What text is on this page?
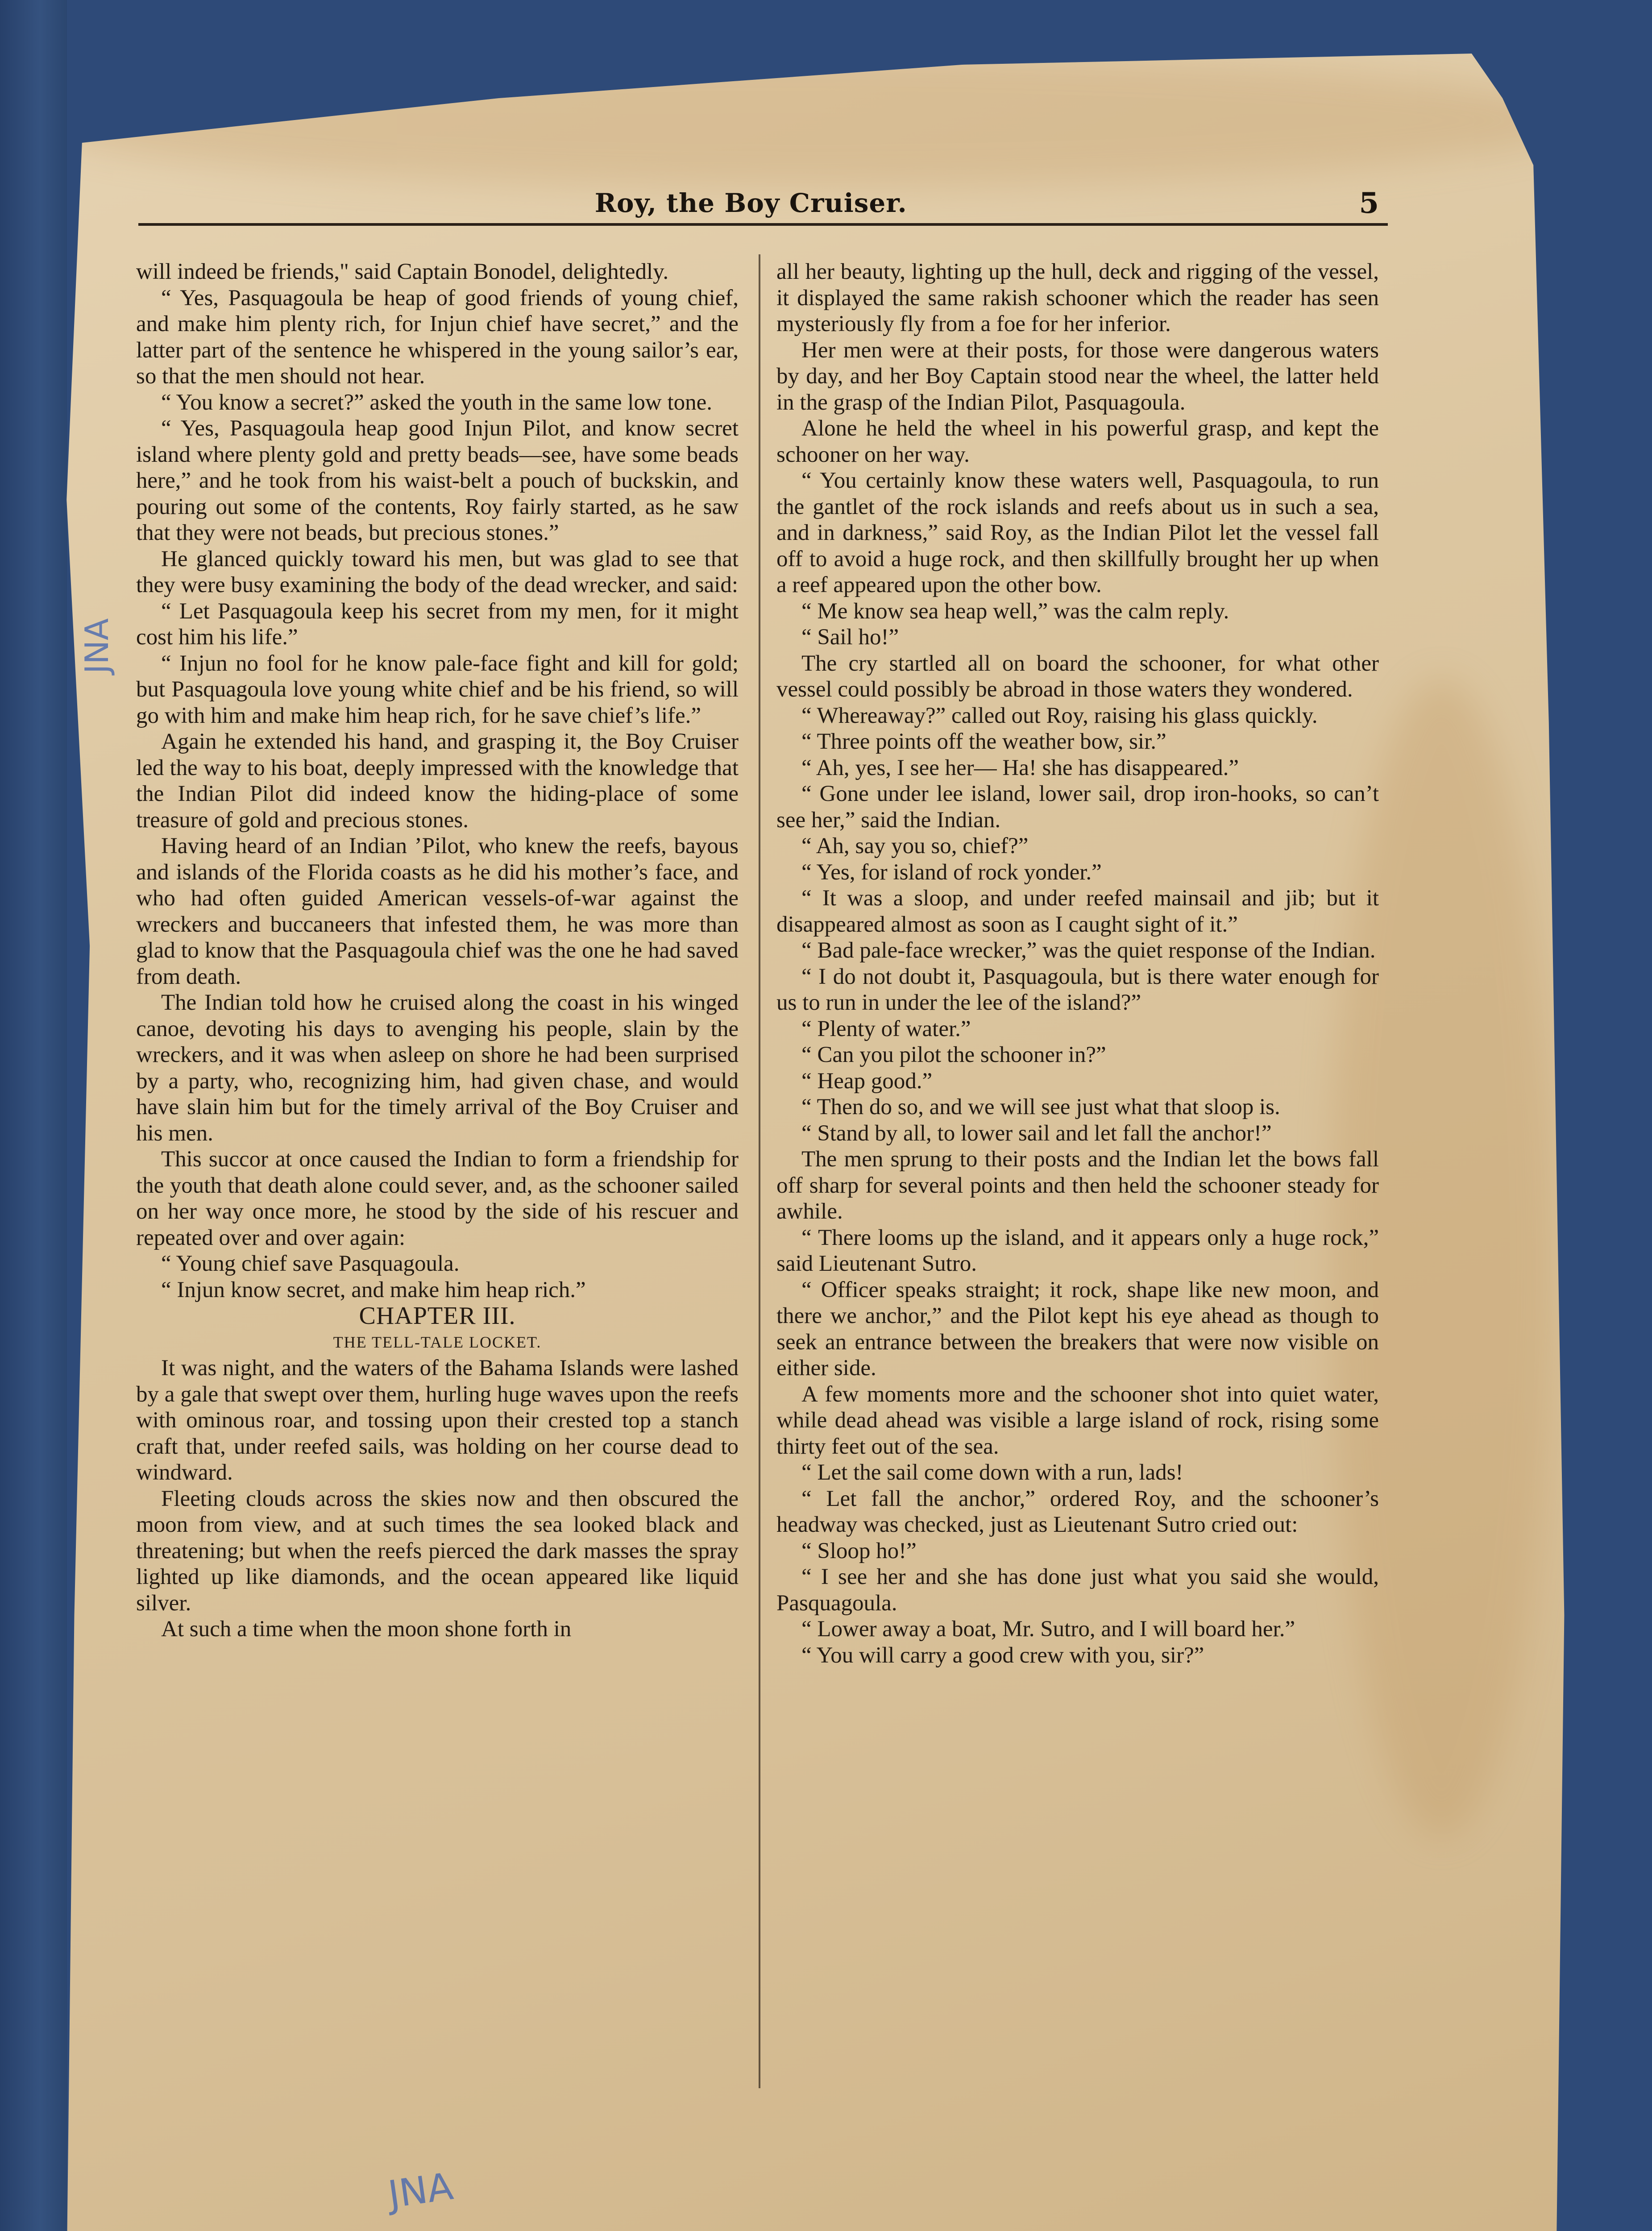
Roy, the Boy Cruiser.	5

will indeed be friends," said Captain Bonodel, delightedly.

“ Yes, Pasquagoula be heap of good friends of young chief, and make him plenty rich, for Injun chief have secret,” and the latter part of the sentence he whispered in the young sailor’s ear, so that the men should not hear.

“ You know a secret?” asked the youth in the same low tone.

“ Yes, Pasquagoula heap good Injun Pilot, and know secret island where plenty gold and pretty beads—see, have some beads here,” and he took from his waist-belt a pouch of buckskin, and pouring out some of the contents, Roy fairly started, as he saw that they were not beads, but precious stones.”

He glanced quickly toward his men, but was glad to see that they were busy examining the body of the dead wrecker, and said:

“ Let Pasquagoula keep his secret from my men, for it might cost him his life.”

“ Injun no fool for he know pale-face fight and kill for gold; but Pasquagoula love young white chief and be his friend, so will go with him and make him heap rich, for he save chief’s life.”

Again he extended his hand, and grasping it, the Boy Cruiser led the way to his boat, deeply impressed with the knowledge that the Indian Pilot did indeed know the hiding-place of some treasure of gold and precious stones.

Having heard of an Indian ’Pilot, who knew the reefs, bayous and islands of the Florida coasts as he did his mother’s face, and who had often guided American vessels-of-war against the wreckers and buccaneers that infested them, he was more than glad to know that the Pasquagoula chief was the one he had saved from death.

The Indian told how he cruised along the coast in his winged canoe, devoting his days to avenging his people, slain by the wreckers, and it was when asleep on shore he had been surprised by a party, who, recognizing him, had given chase, and would have slain him but for the timely arrival of the Boy Cruiser and his men.

This succor at once caused the Indian to form a friendship for the youth that death alone could sever, and, as the schooner sailed on her way once more, he stood by the side of his rescuer and repeated over and over again:

“ Young chief save Pasquagoula.

“ Injun know secret, and make him heap rich.”

CHAPTER III.

THE TELL-TALE LOCKET.

It was night, and the waters of the Bahama Islands were lashed by a gale that swept over them, hurling huge waves upon the reefs with ominous roar, and tossing upon their crested top a stanch craft that, under reefed sails, was holding on her course dead to windward.

Fleeting clouds across the skies now and then obscured the moon from view, and at such times the sea looked black and threatening; but when the reefs pierced the dark masses the spray lighted up like diamonds, and the ocean appeared like liquid silver.

At such a time when the moon shone forth in

all her beauty, lighting up the hull, deck and rigging of the vessel, it displayed the same rakish schooner which the reader has seen mysteriously fly from a foe for her inferior.

Her men were at their posts, for those were dangerous waters by day, and her Boy Captain stood near the wheel, the latter held in the grasp of the Indian Pilot, Pasquagoula.

Alone he held the wheel in his powerful grasp, and kept the schooner on her way.

“ You certainly know these waters well, Pasquagoula, to run the gantlet of the rock islands and reefs about us in such a sea, and in darkness,” said Roy, as the Indian Pilot let the vessel fall off to avoid a huge rock, and then skillfully brought her up when a reef appeared upon the other bow.

“ Me know sea heap well,” was the calm reply.

“ Sail ho!”

The cry startled all on board the schooner, for what other vessel could possibly be abroad in those waters they wondered.

“ Whereaway?” called out Roy, raising his glass quickly.

“ Three points off the weather bow, sir.”

“ Ah, yes, I see her— Ha! she has disappeared.”

“ Gone under lee island, lower sail, drop iron-hooks, so can’t see her,” said the Indian.

“ Ah, say you so, chief?”

“ Yes, for island of rock yonder.”

“ It was a sloop, and under reefed mainsail and jib; but it disappeared almost as soon as I caught sight of it.”

“ Bad pale-face wrecker,” was the quiet response of the Indian.

“ I do not doubt it, Pasquagoula, but is there water enough for us to run in under the lee of the island?”

“ Plenty of water.”

“ Can you pilot the schooner in?”

“ Heap good.”

“ Then do so, and we will see just what that sloop is.

“ Stand by all, to lower sail and let fall the anchor!”

The men sprung to their posts and the Indian let the bows fall off sharp for several points and then held the schooner steady for awhile.

“ There looms up the island, and it appears only a huge rock,” said Lieutenant Sutro.

“ Officer speaks straight; it rock, shape like new moon, and there we anchor,” and the Pilot kept his eye ahead as though to seek an entrance between the breakers that were now visible on either side.

A few moments more and the schooner shot into quiet water, while dead ahead was visible a large island of rock, rising some thirty feet out of the sea.

“ Let the sail come down with a run, lads!

“ Let fall the anchor,” ordered Roy, and the schooner’s headway was checked, just as Lieutenant Sutro cried out:

“ Sloop ho!”

“ I see her and she has done just what you said she would, Pasquagoula.

“ Lower away a boat, Mr. Sutro, and I will board her.”

“ You will carry a good crew with you, sir?”

JNA
JNA
